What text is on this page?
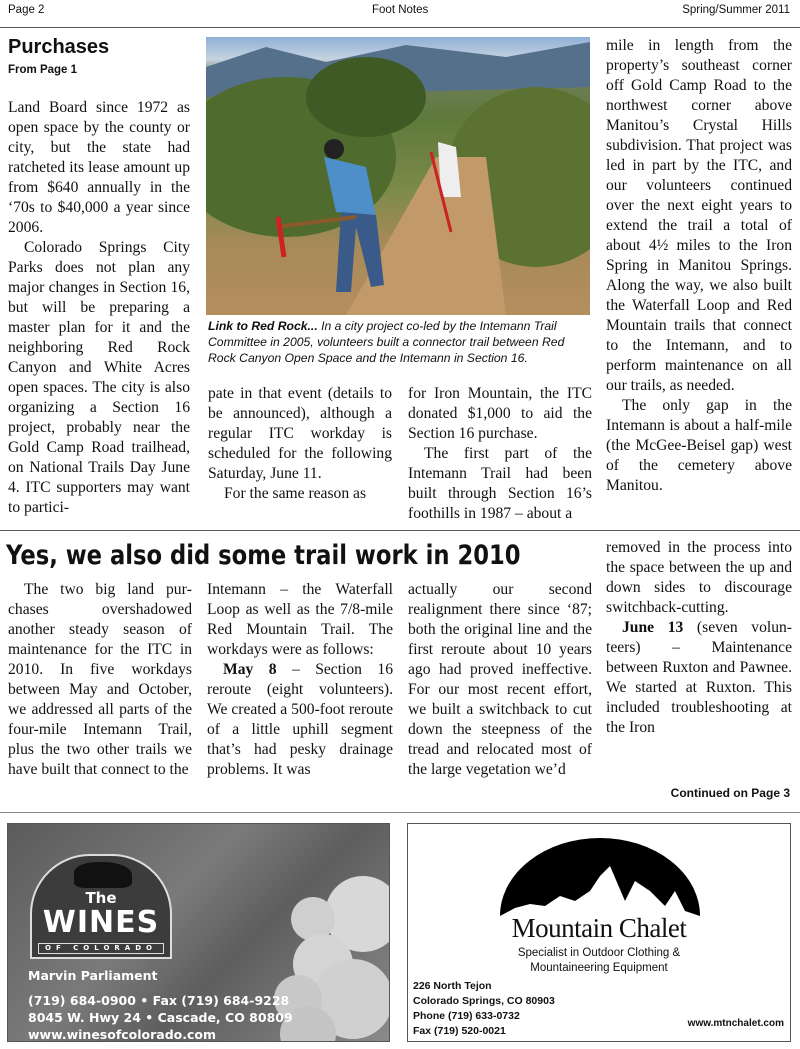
Page 2	Foot Notes	Spring/Summer 2011
Purchases
From Page 1

Land Board since 1972 as open space by the county or city, but the state had ratcheted its lease amount up from $640 annually in the ‘70s to $40,000 a year since 2006.

Colorado Springs City Parks does not plan any major changes in Section 16, but will be preparing a master plan for it and the neighboring Red Rock Canyon and White Acres open spaces. The city is also organizing a Section 16 project, probably near the Gold Camp Road trailhead, on National Trails Day June 4. ITC supporters may want to partici-

Link to Red Rock... In a city project co-led by the Intemann Trail Committee in 2005, volunteers built a connector trail between Red Rock Canyon Open Space and the Intemann in Section 16.

pate in that event (details to be announced), although a regular ITC workday is scheduled for the following Saturday, June 11.

For the same reason as

for Iron Mountain, the ITC donated $1,000 to aid the Section 16 purchase.

The first part of the Intemann Trail had been built through Section 16’s foothills in 1987 – about a

mile in length from the property’s southeast corner off Gold Camp Road to the northwest corner above Manitou’s Crystal Hills subdivision. That project was led in part by the ITC, and our volunteers continued over the next eight years to extend the trail a total of about 4½ miles to the Iron Spring in Manitou Springs. Along the way, we also built the Waterfall Loop and Red Mountain trails that connect to the Intemann, and to perform maintenance on all our trails, as needed.

The only gap in the Intemann is about a half-mile (the McGee-Beisel gap) west of the cemetery above Manitou.

Yes, we also did some trail work in 2010

The two big land purchases overshadowed another steady season of maintenance for the ITC in 2010. In five workdays between May and October, we addressed all parts of the four-mile Intemann Trail, plus the two other trails we have built that connect to the

Intemann – the Waterfall Loop as well as the 7/8-mile Red Mountain Trail. The workdays were as follows:

May 8 – Section 16 reroute (eight volunteers). We created a 500-foot reroute of a little uphill segment that’s had pesky drainage problems. It was

actually our second realignment there since ‘87; both the original line and the first reroute about 10 years ago had proved ineffective. For our most recent effort, we built a switchback to cut down the steepness of the tread and relocated most of the large vegetation we’d

removed in the process into the space between the up and down sides to discourage switchback-cutting.

June 13 (seven volunteers) – Maintenance between Ruxton and Pawnee. We started at Ruxton. This included troubleshooting at the Iron

Continued on Page 3
The
WINES
OF COLORADO
Marvin Parliament
(719) 684-0900 • Fax (719) 684-9228
8045 W. Hwy 24 • Cascade, CO 80809
www.winesofcolorado.com
Mountain Chalet
Specialist in Outdoor Clothing &
Mountaineering Equipment
226 North Tejon
Colorado Springs, CO 80903
Phone (719) 633-0732
Fax (719) 520-0021
www.mtnchalet.com
